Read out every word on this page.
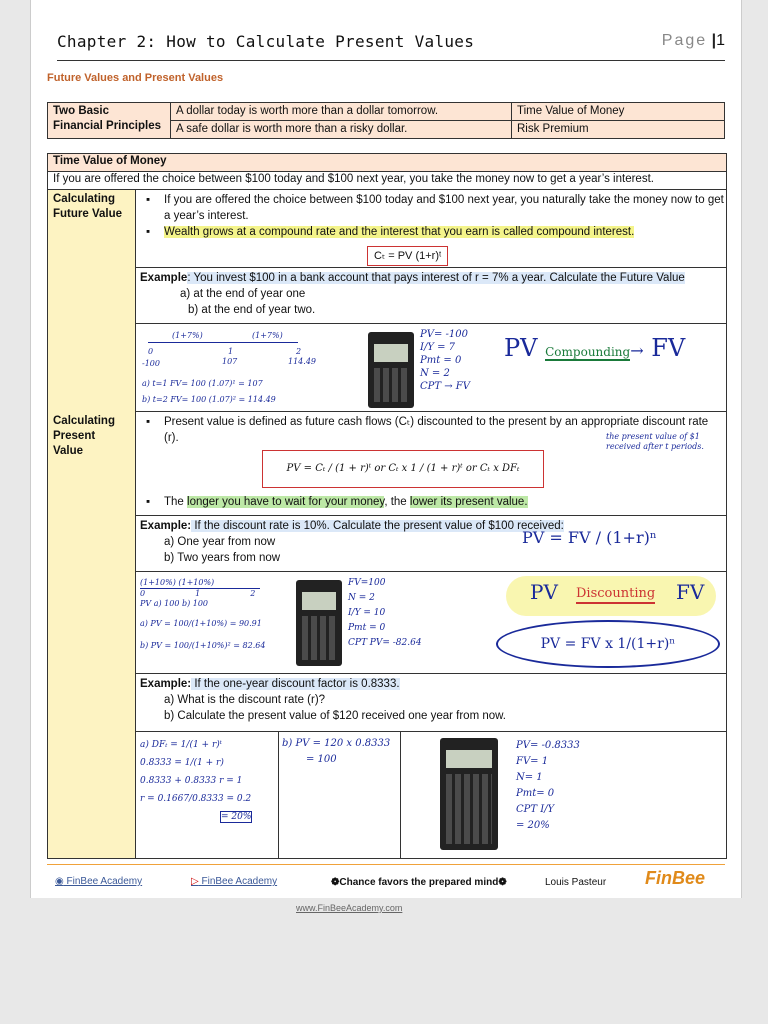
Chapter 2: How to Calculate Present Values	Page |1
Future Values and Present Values
Two Basic
Financial Principles	A dollar today is worth more than a dollar tomorrow.	Time Value of Money
	A safe dollar is worth more than a risky dollar.	Risk Premium
Time Value of Money
If you are offered the choice between $100 today and $100 next year, you take the money now to get a year’s interest.
Calculating
Future Value
▪ If you are offered the choice between $100 today and $100 next year, you naturally take the money now to get a year’s interest.
▪ Wealth grows at a compound rate and the interest that you earn is called compound interest.
Cₜ = PV (1+r)ᵗ
Example: You invest $100 in a bank account that pays interest of r = 7% a year. Calculate the Future Value
a) at the end of year one
b) at the end of year two.
(1+7%)	(1+7%)
0	1	2
-100	107	114.49
a) t=1 FV= 100 (1.07)¹ = 107
b) t=2 FV= 100 (1.07)² = 114.49
PV= -100
I/Y = 7
Pmt = 0
N = 2
CPT → FV
PV Compounding→ FV
Calculating
Present
Value
▪ Present value is defined as future cash flows (Cₜ) discounted to the present by an appropriate discount rate (r).
PV = Cₜ / (1 + r)ᵗ or Cₜ x 1 / (1 + r)ᵗ or Cₜ x DFₜ
the present value of $1 received after t periods.
▪ The longer you have to wait for your money, the lower its present value.
Example: If the discount rate is 10%. Calculate the present value of $100 received:
a) One year from now
b) Two years from now
PV = FV / (1+r)ⁿ
(1+10%) (1+10%)
0	1	2
PV a) 100 b) 100
a) PV = 100/(1+10%) = 90.91
b) PV = 100/(1+10%)² = 82.64
FV=100
N = 2
I/Y = 10
Pmt = 0
CPT PV= -82.64
PV Discounting FV
PV = FV x 1/(1+r)ⁿ
Example: If the one-year discount factor is 0.8333.
a) What is the discount rate (r)?
b) Calculate the present value of $120 received one year from now.
a) DFₜ = 1/(1 + r)ᵗ
0.8333 = 1/(1 + r)
0.8333 + 0.8333 r = 1
r = 0.1667/0.8333 = 0.2
= 20%
b) PV = 120 x 0.8333
= 100
PV= -0.8333
FV= 1
N= 1
Pmt= 0
CPT I/Y
= 20%
◉ FinBee Academy	▷ FinBee Academy	❁Chance favors the prepared mind❁	Louis Pasteur FinBee
www.FinBeeAcademy.com
